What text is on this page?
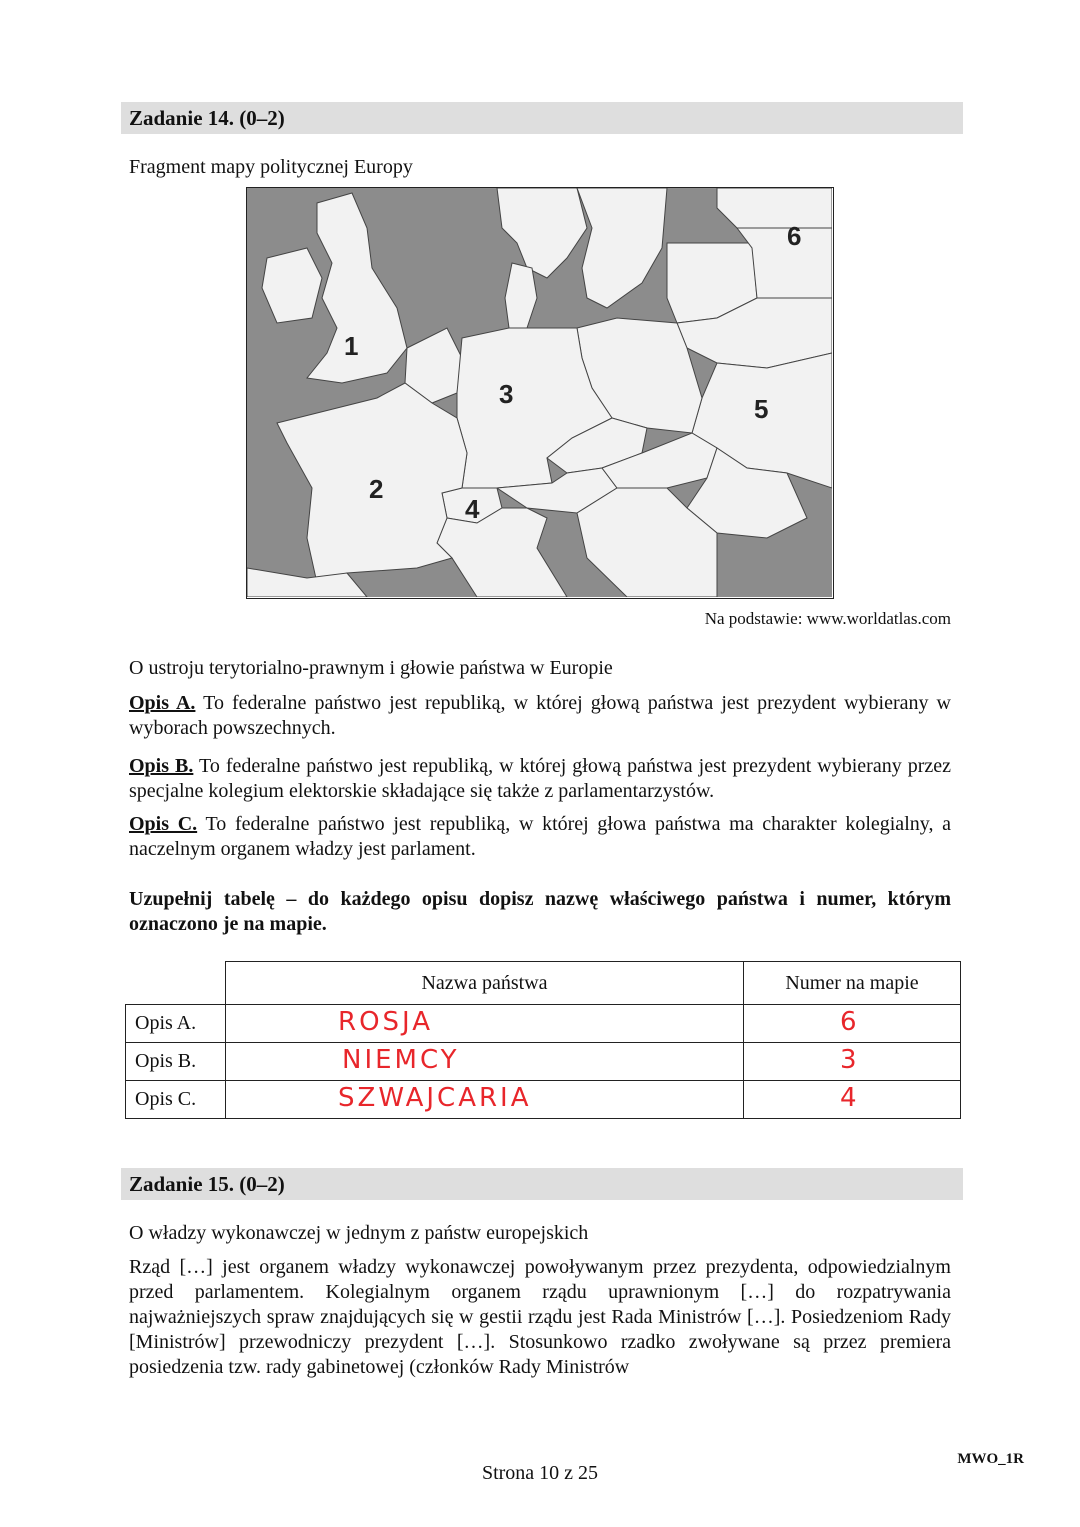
Zadanie 14. (0–2)
Fragment mapy politycznej Europy
1
2
3
4
5
6
Na podstawie: www.worldatlas.com
O ustroju terytorialno-prawnym i głowie państwa w Europie
Opis A. To federalne państwo jest republiką, w której głową państwa jest prezydent wybierany w wyborach powszechnych.
Opis B. To federalne państwo jest republiką, w której głową państwa jest prezydent wybierany przez specjalne kolegium elektorskie składające się także z parlamentarzystów.
Opis C. To federalne państwo jest republiką, w której głowa państwa ma charakter kolegialny, a naczelnym organem władzy jest parlament.
Uzupełnij tabelę – do każdego opisu dopisz nazwę właściwego państwa i numer, którym oznaczono je na mapie.
	Nazwa państwa	Numer na mapie
Opis A.	ROSJA	6

Opis B.	NIEMCY	3

Opis C.	SZWAJCARIA	4
Zadanie 15. (0–2)
O władzy wykonawczej w jednym z państw europejskich
Rząd […] jest organem władzy wykonawczej powoływanym przez prezydenta, odpowiedzialnym przed parlamentem. Kolegialnym organem rządu uprawnionym […] do rozpatrywania najważniejszych spraw znajdujących się w gestii rządu jest Rada Ministrów […]. Posiedzeniom Rady [Ministrów] przewodniczy prezydent […]. Stosunkowo rzadko zwoływane są przez premiera posiedzenia tzw. rady gabinetowej (członków Rady Ministrów
Strona 10 z 25
MWO_1R
